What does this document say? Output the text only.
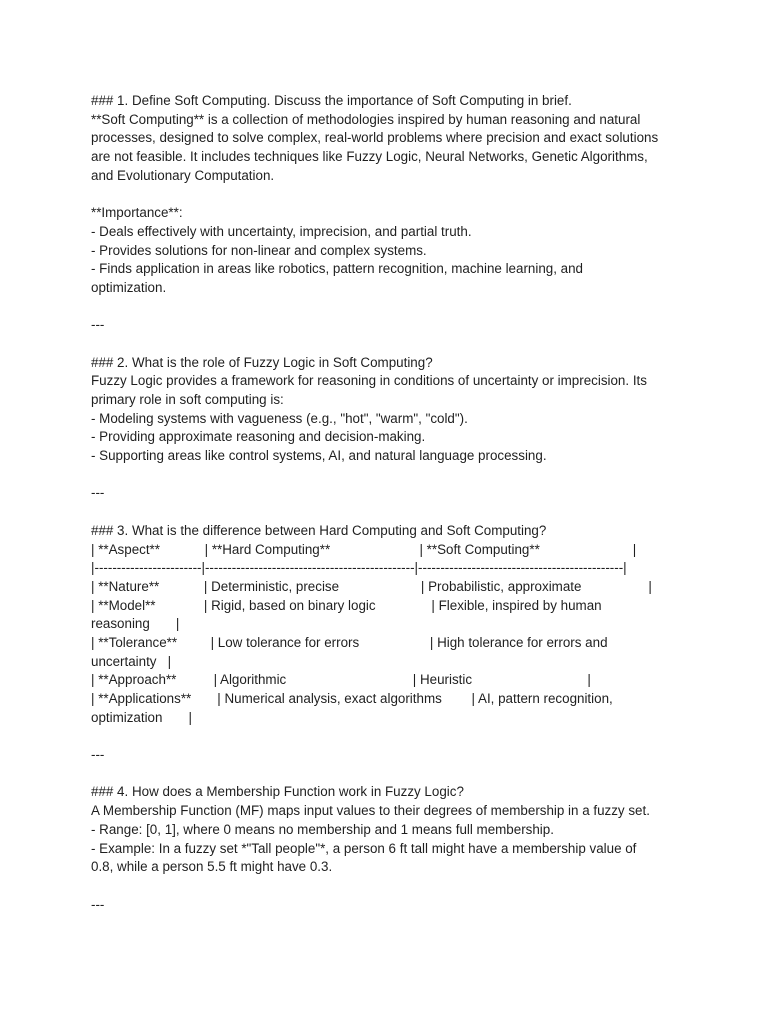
### 1. Define Soft Computing. Discuss the importance of Soft Computing in brief.
**Soft Computing** is a collection of methodologies inspired by human reasoning and natural
processes, designed to solve complex, real-world problems where precision and exact solutions
are not feasible. It includes techniques like Fuzzy Logic, Neural Networks, Genetic Algorithms,
and Evolutionary Computation.
**Importance**:
- Deals effectively with uncertainty, imprecision, and partial truth.
- Provides solutions for non-linear and complex systems.
- Finds application in areas like robotics, pattern recognition, machine learning, and
optimization.
---
### 2. What is the role of Fuzzy Logic in Soft Computing?
Fuzzy Logic provides a framework for reasoning in conditions of uncertainty or imprecision. Its
primary role in soft computing is:
- Modeling systems with vagueness (e.g., "hot", "warm", "cold").
- Providing approximate reasoning and decision-making.
- Supporting areas like control systems, AI, and natural language processing.
---
### 3. What is the difference between Hard Computing and Soft Computing?
| **Aspect**            | **Hard Computing**                        | **Soft Computing**                         |
|------------------------|-----------------------------------------------|----------------------------------------------|
| **Nature**            | Deterministic, precise                      | Probabilistic, approximate                  |
| **Model**             | Rigid, based on binary logic               | Flexible, inspired by human
reasoning       |
| **Tolerance**         | Low tolerance for errors                   | High tolerance for errors and
uncertainty   |
| **Approach**          | Algorithmic                                  | Heuristic                               |
| **Applications**       | Numerical analysis, exact algorithms        | AI, pattern recognition,
optimization       |
---
### 4. How does a Membership Function work in Fuzzy Logic?
A Membership Function (MF) maps input values to their degrees of membership in a fuzzy set.
- Range: [0, 1], where 0 means no membership and 1 means full membership.
- Example: In a fuzzy set *"Tall people"*, a person 6 ft tall might have a membership value of
0.8, while a person 5.5 ft might have 0.3.
---
